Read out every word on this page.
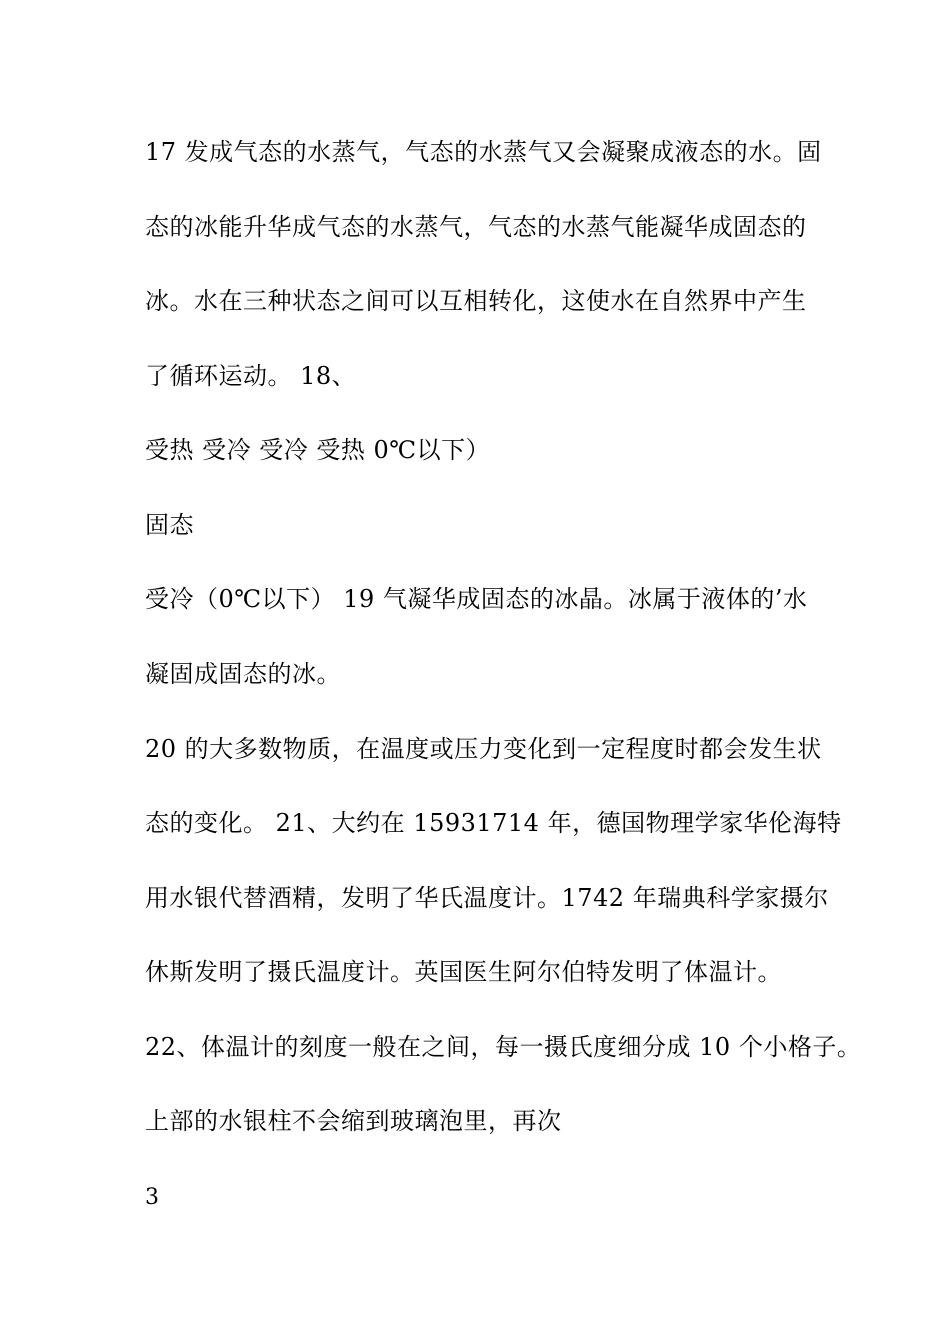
17 发成气态的水蒸气，气态的水蒸气又会凝聚成液态的水。固
态的冰能升华成气态的水蒸气，气态的水蒸气能凝华成固态的
冰。水在三种状态之间可以互相转化，这使水在自然界中产生
了循环运动。 18、
受热 受冷 受冷 受热 0℃以下）
固态
受冷（0℃以下） 19 气凝华成固态的冰晶。冰属于液体的’水
凝固成固态的冰。
20 的大多数物质，在温度或压力变化到一定程度时都会发生状
态的变化。 21、大约在 15931714 年，德国物理学家华伦海特
用水银代替酒精，发明了华氏温度计。1742 年瑞典科学家摄尔
休斯发明了摄氏温度计。英国医生阿尔伯特发明了体温计。
22、体温计的刻度一般在之间，每一摄氏度细分成 10 个小格子。
上部的水银柱不会缩到玻璃泡里，再次
3
